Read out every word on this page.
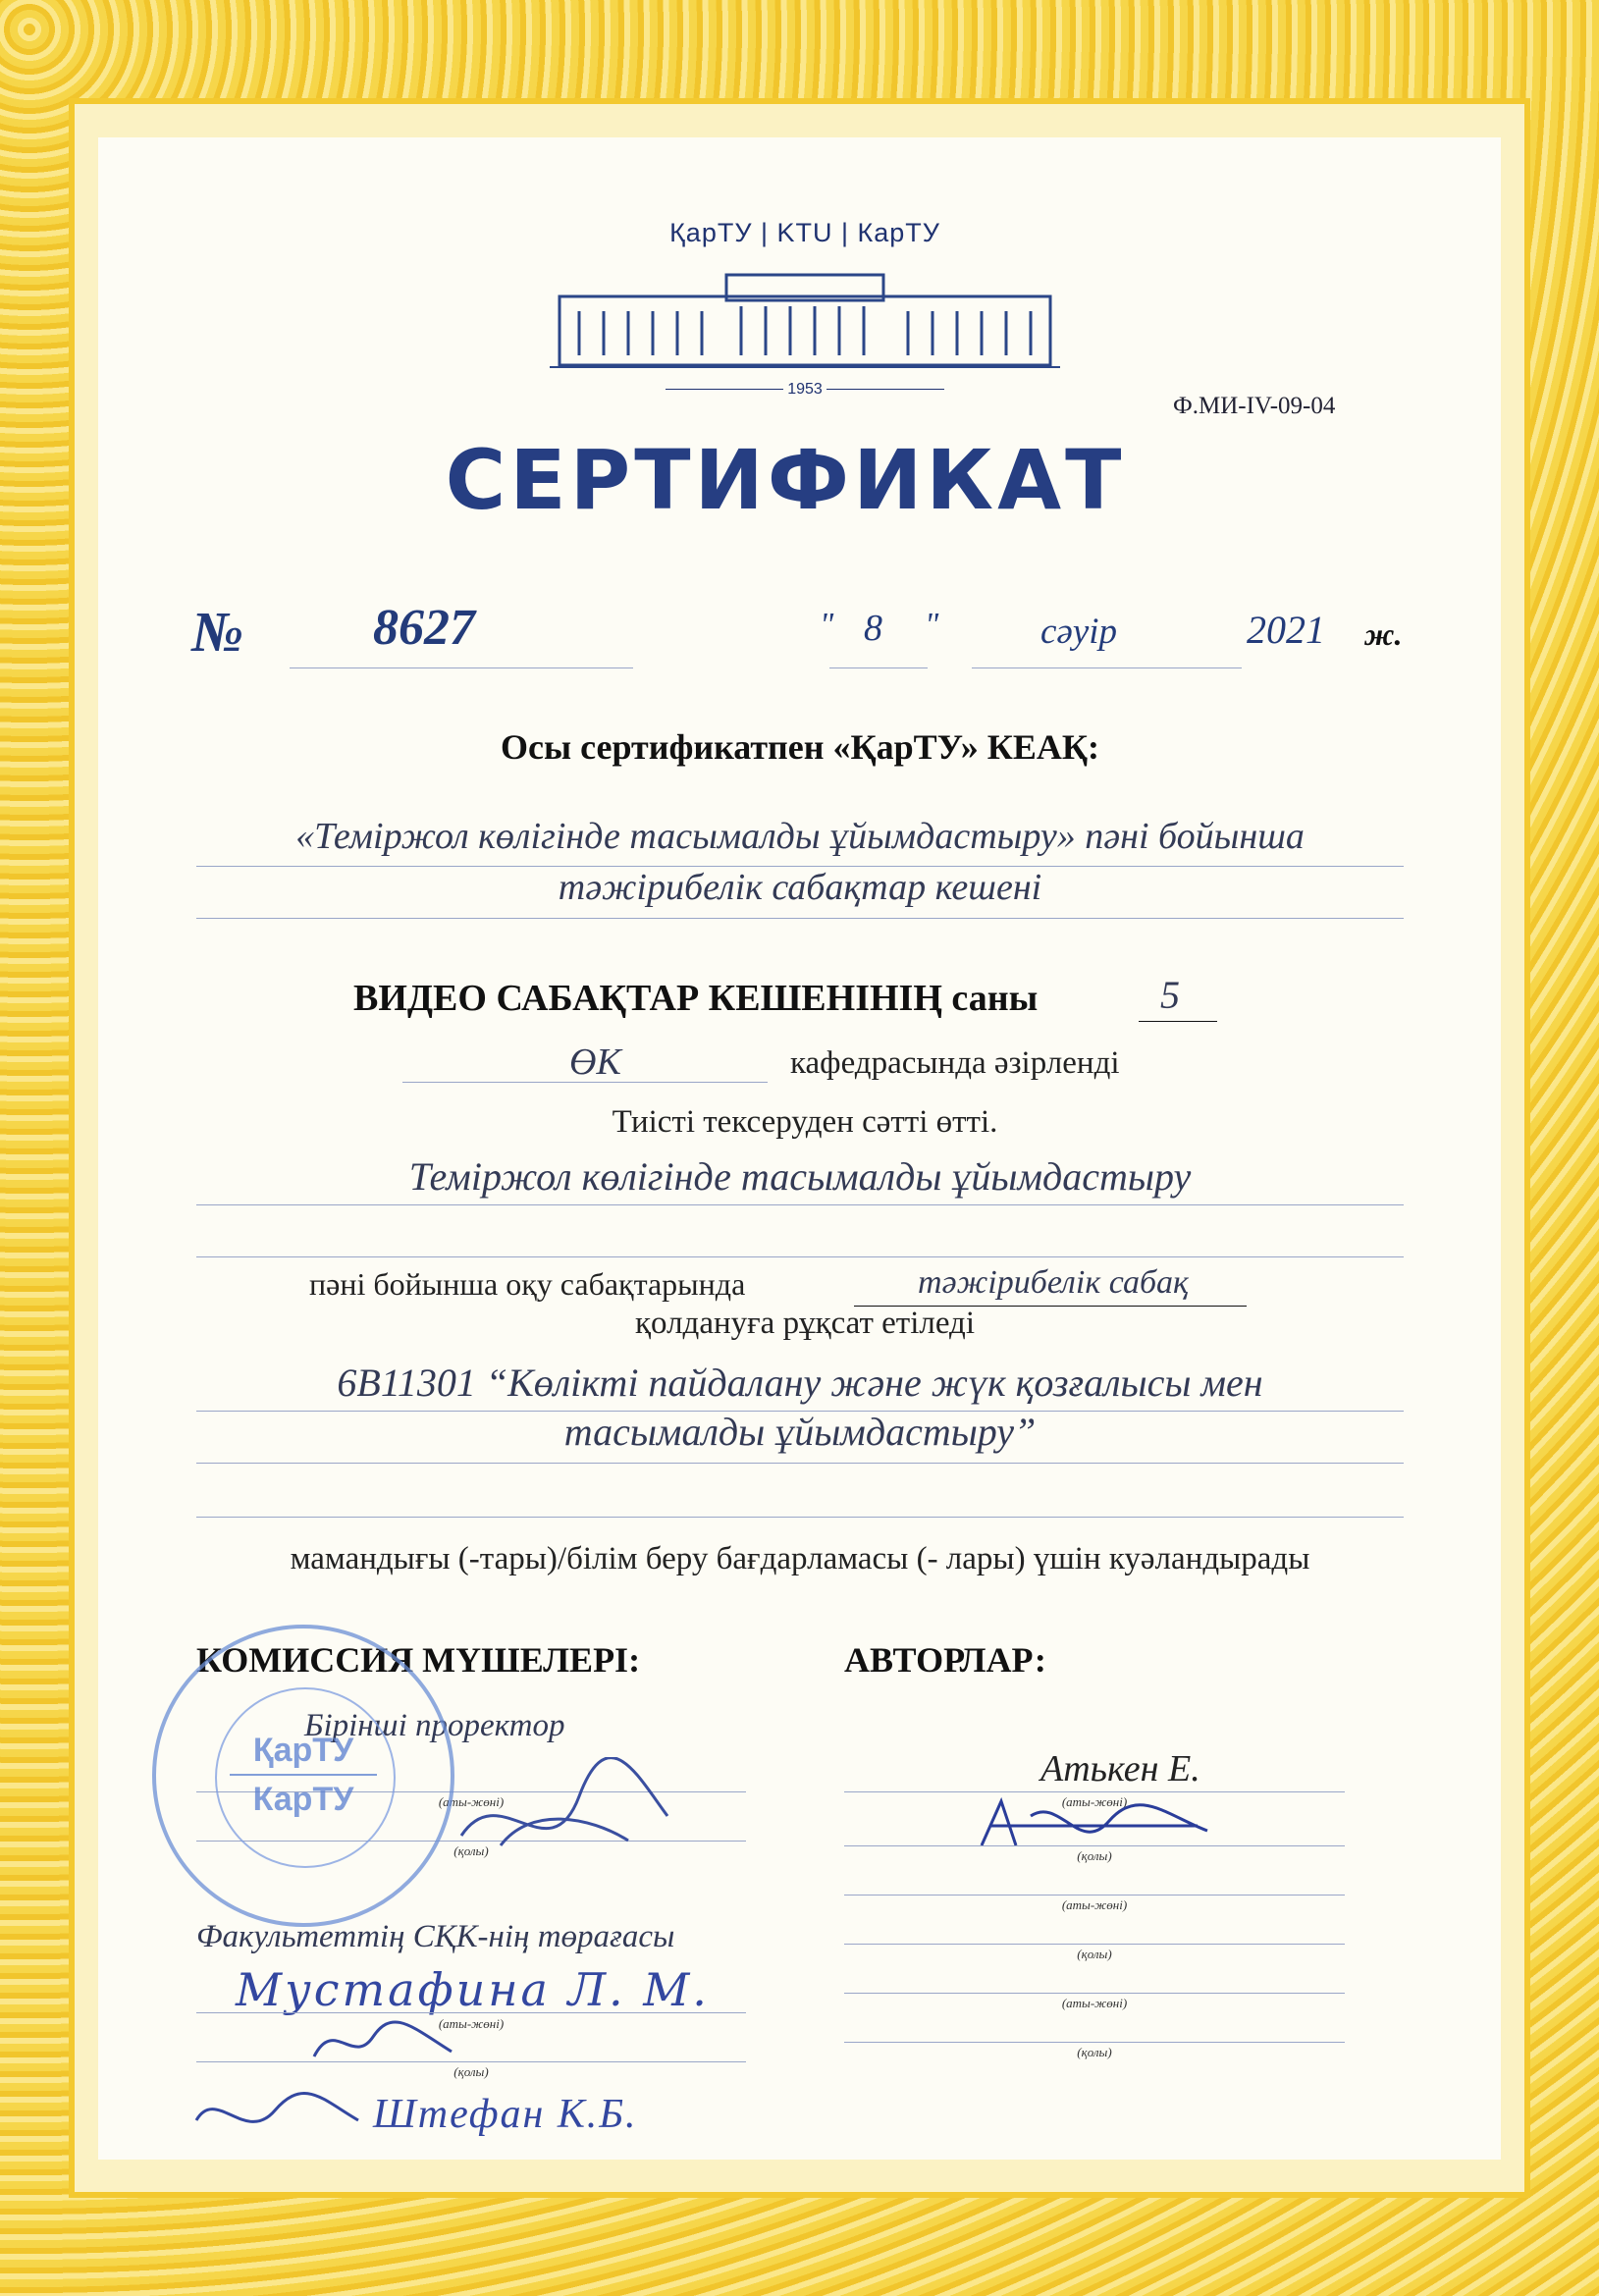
ҚарТУ | KTU | КарТУ
1953
Ф.МИ-IV-09-04
СЕРТИФИКАТ
№	8627	" 8 "	сәуір	2021 ж.
Осы сертификатпен «ҚарТУ» КЕАҚ:
«Теміржол көлігінде тасымалды ұйымдастыру» пәні бойынша
тәжірибелік сабақтар кешені
ВИДЕО САБАҚТАР КЕШЕНІНІҢ саны	5
ӨК	кафедрасында әзірленді
Тиісті тексеруден сәтті өтті.
Теміржол көлігінде тасымалды ұйымдастыру
пәні бойынша оқу сабақтарында	тәжірибелік сабақ
қолдануға рұқсат етіледі
6B11301 “Көлікті пайдалану және жүк қозғалысы мен
тасымалды ұйымдастыру”
мамандығы (-тары)/білім беру бағдарламасы (- лары) үшін куәландырады
КОМИССИЯ МҮШЕЛЕРІ:
Бірінші проректор
(аты-жөні)
(қолы)
Факультеттің СҚК-нің төрағасы
Мустафина Л. М.
(аты-жөні)
(қолы)
Штефан К.Б.
АВТОРЛАР:
Атькен Е.
(аты-жөні)
(қолы)
(аты-жөні)
(қолы)
(аты-жөні)
(қолы)
ҚарТУ
КарТУ
